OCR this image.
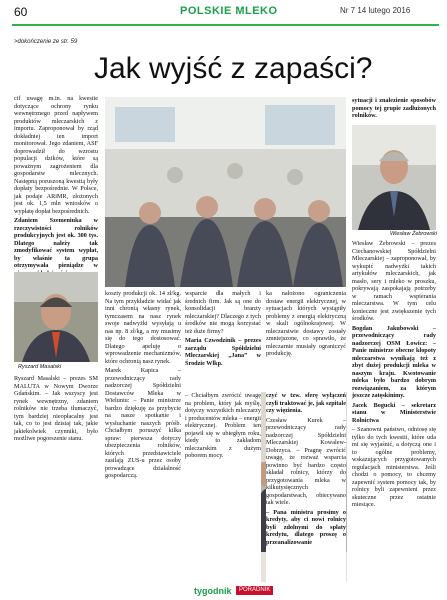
60	POLSKIE MLEKO	Nr 7 14 lutego 2016
>dokończenie ze str. 59
Jak wyjść z zapaści?

cif uwagę m.in. na kwestie dotyczące ochrony rynku wewnętrznego przed napływem produktów mleczarskich z importu. Zaproponował by rząd dokładniej ten import monitorował. Jego zdaniem, ASF doprowadził do wzrostu populacji dzików, które są poważnym zagrożeniem dla gospodarstw mlecznych. Następną poruszoną kwestią były dopłaty bezpośrednie. W Polsce, jak podaje ARiMR, złożonych jest ok. 1,5 mln wniosków o wypłatę dopłat bezpośrednich.

Zdaniem Szemeniuka w rzeczywistości rolników produkcyjnych jest ok. 300 tys. Dlatego należy tak zmodyfikować system wypłat, by właśnie ta grupa otrzymywała pieniądze w

Ryszard Masalski

Ryszard Masalski – prezes SM MALUTA w Nowym Dworze Gdańskim. – Jak wszyscy jest rynek wewnętrzny, zdaniem rolników nie trzeba tłumaczyć, tym bardziej nieopłacalny jest tak, co to jest dzisiaj tak, jakie jakiekolwiek czynniki, było możliwe pogorszenie stanu.

koszty produkcji ok. 14 zł/kg. Na tym przykładzie widać jak inni chronią własny rynek, tymczasem na nasz rynek swoje nadwyżki wysyłają u nas np. 8 zł/kg, a my musimy się do tego dostosować. Dlatego apeluję o wprowadzenie mechanizmów, które ochronią nasz rynek.

Marek Kapica – przewodniczący rady nadzorczej Spółdzielni Dostawców Mleka w Wieluniu: – Panie ministrze bardzo dziękuję za przybycie na nasze spotkanie i wysłuchanie naszych próśb. Chciałbym poruszyć kilka spraw: pierwsza dotyczy ubezpieczenia rolników, których przedstawiciele zasilają ZUS-u przez osoby prowadzące działalność gospodarczą.

wsparcie dla małych i średnich firm. Jak są one do konsolidacji branży mleczarskiej? Dlaczego z tych środków nie mogą korzystać też duże firmy?

Maria Czwodzinik – prezes zarządu Spółdzielni Mleczarskiej „Jana” w Środzie Wlkp.

ka nałożono ograniczenia dostaw energii elektrycznej, w sytuacjach których wystąpiły problemy z energią elektryczną w skali ogólnokrajowej. W mleczarstwie dostawy zostały zmniejszone, co sprawiło, że mleczarnie musiały ograniczyć produkcję.

sytuacji i znalezienie sposobów pomocy tej grupie zadłużonych rolników.

Wiesław Żebrowski

Wiesław Żebrowski – prezes Ciechanowskiej Spółdzielni Mleczarskiej – zaproponował, by wykupić nadwyżki takich artykułów mleczarskich, jak masło, sery i mleko w proszku, pokrywają zaspokajają potrzeby w ramach wspierania mleczarstwa. W tym celu konieczne jest zwiększenie tych środków.

Bogdan Jakubowski – przewodniczący rady nadzorczej OSM Łowicz: – Panie ministrze obecne kłopoty mleczarstwa wynikają też z zbyt dużej produkcji mleka w naszym kraju. Kwotowanie mleka było bardzo dobrym rozwiązaniem, za którym jeszcze zatęskinimy.

Jacek Bogucki – sekretarz stanu w Ministerstwie Rolnictwa

– Szanowni państwo, odniosę się tylko do tych kwestii, które uda mi się wyjaśnić, a dotyczą one i to ogólne problemy, wskazujących przygotowanych regulacjach ministerstwa. Jeśli chodzi o pomocy, to chcemy zapewnić system pomocy tak, by rolnicy byli zapewnieni przez skuteczne przez ostatnie miesiące.

czyć w tzw. sferę wyłączeń czyli traktować je, jak szpitale czy więzienia.

Czesław Kurek – przewodniczący rady nadzorczej Spółdzielni Mleczarskiej Kowalew-Dobrzyca. – Pragnę zwrócić uwagę, że rozważ wsparcia powinno być bardzo często składał rolnicy, którzy do przygotowania mleka w kilkutysięcznych gospodarstwach, obiecywano tak wiele.

– Pana ministra prosimy o kredyty, aby ci nowi rolnicy byli zdolnymi do spłaty kredytu, dlatego proszę o przeanalizowanie

– Chciałbym zwrócić uwagę na problem, który jak myślę, dotyczy wszystkich mleczarzy i producentów mleka – energii elektrycznej. Problem ten pojawił się w ubiegłym roku, kiedy to zakładom mleczarskim z dużym poborem mocy.

tygodnik	PORADNIK
